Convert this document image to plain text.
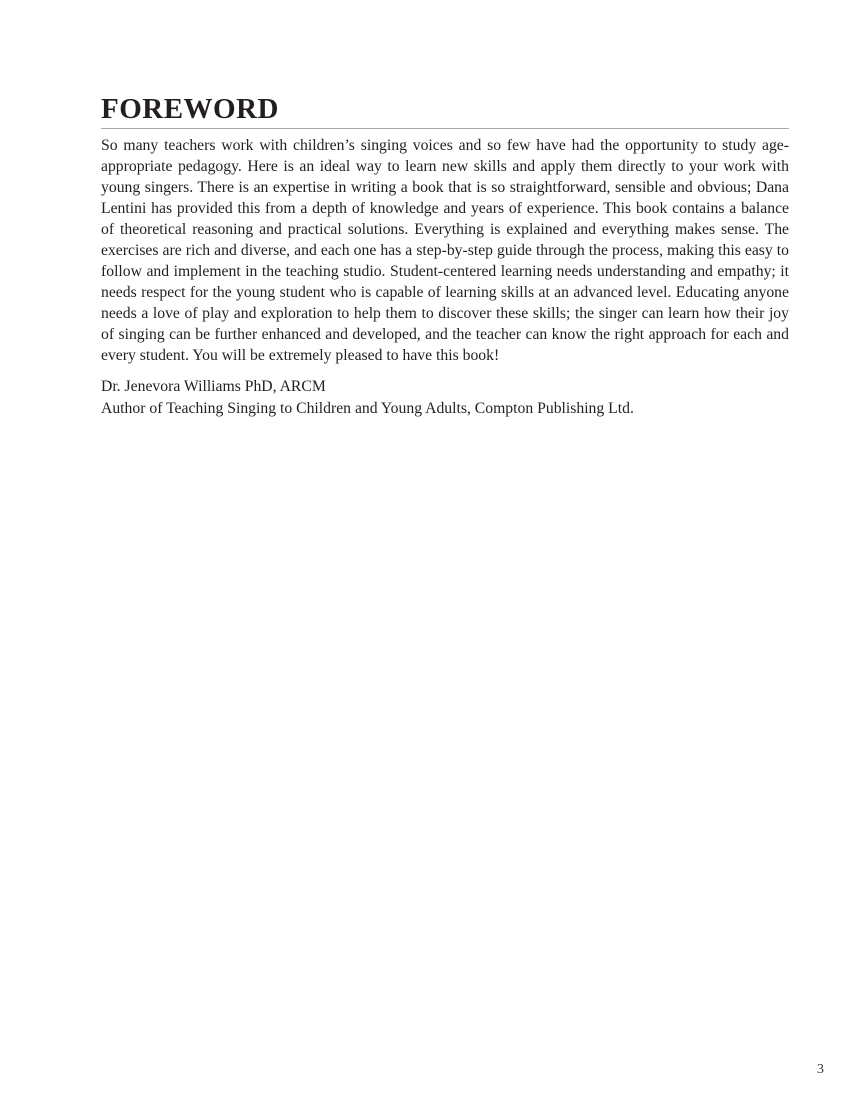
FOREWORD

So many teachers work with children’s singing voices and so few have had the opportunity to study age-appropriate pedagogy. Here is an ideal way to learn new skills and apply them directly to your work with young singers. There is an expertise in writing a book that is so straightforward, sensible and obvious; Dana Lentini has provided this from a depth of knowledge and years of experience. This book contains a balance of theoretical reasoning and practical solutions. Everything is explained and everything makes sense. The exercises are rich and diverse, and each one has a step-by-step guide through the process, making this easy to follow and implement in the teaching studio. Student-centered learning needs understanding and empathy; it needs respect for the young student who is capable of learning skills at an advanced level. Educating anyone needs a love of play and exploration to help them to discover these skills; the singer can learn how their joy of singing can be further enhanced and developed, and the teacher can know the right approach for each and every student. You will be extremely pleased to have this book!

Dr. Jenevora Williams PhD, ARCM

Author of Teaching Singing to Children and Young Adults, Compton Publishing Ltd.

3
